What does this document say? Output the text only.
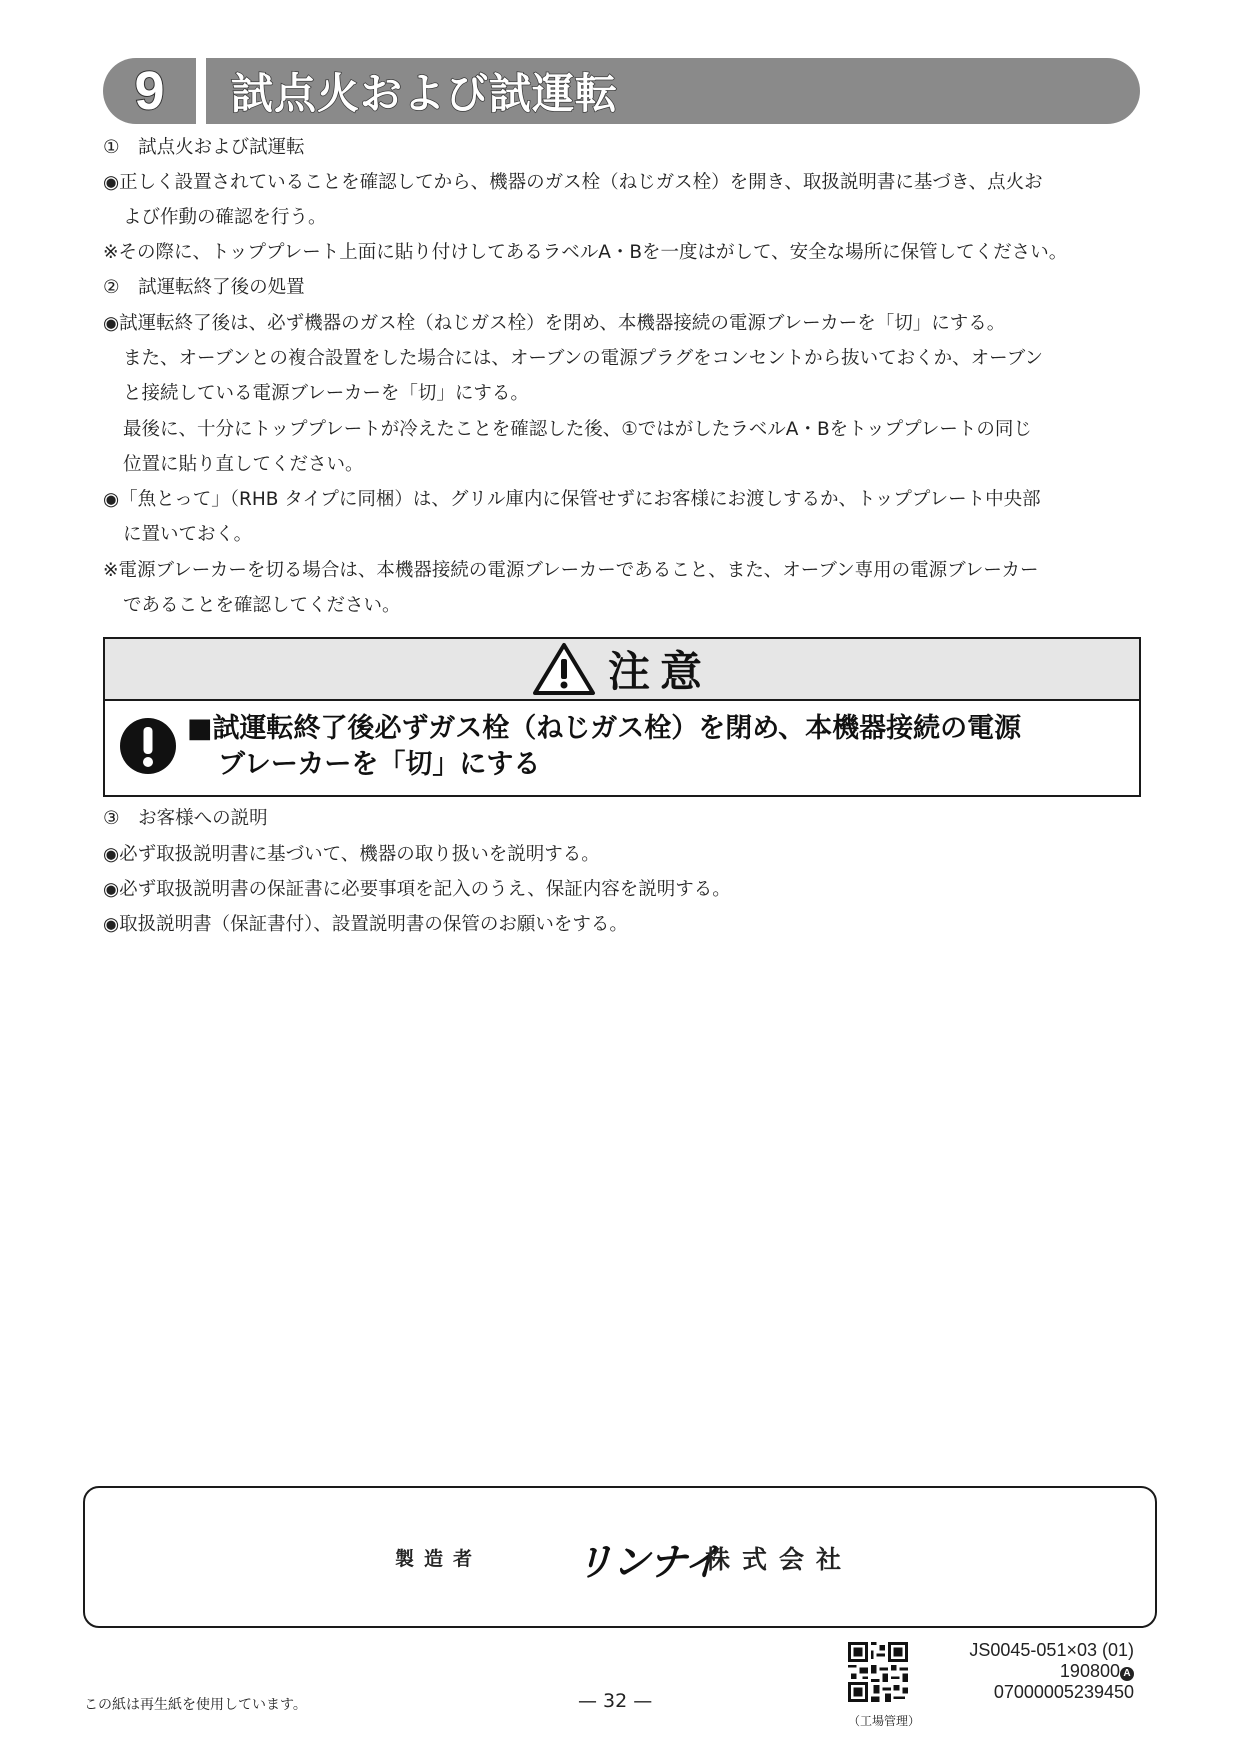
9	試点火および試運転
①　試点火および試運転
◉正しく設置されていることを確認してから、機器のガス栓（ねじガス栓）を開き、取扱説明書に基づき、点火お
よび作動の確認を行う。
※その際に、トッププレート上面に貼り付けしてあるラベルA・Bを一度はがして、安全な場所に保管してください。
②　試運転終了後の処置
◉試運転終了後は、必ず機器のガス栓（ねじガス栓）を閉め、本機器接続の電源ブレーカーを「切」にする。
また、オーブンとの複合設置をした場合には、オーブンの電源プラグをコンセントから抜いておくか、オーブン
と接続している電源ブレーカーを「切」にする。
最後に、十分にトッププレートが冷えたことを確認した後、①ではがしたラベルA・Bをトッププレートの同じ
位置に貼り直してください。
◉「魚とって」（RHB タイプに同梱）は、グリル庫内に保管せずにお客様にお渡しするか、トッププレート中央部
に置いておく。
※電源ブレーカーを切る場合は、本機器接続の電源ブレーカーであること、また、オーブン専用の電源ブレーカー
であることを確認してください。
注意
■試運転終了後必ずガス栓（ねじガス栓）を閉め、本機器接続の電源
ブレーカーを「切」にする
③　お客様への説明
◉必ず取扱説明書に基づいて、機器の取り扱いを説明する。
◉必ず取扱説明書の保証書に必要事項を記入のうえ、保証内容を説明する。
◉取扱説明書（保証書付）、設置説明書の保管のお願いをする。
製造者 リンナイ
株式会社
この紙は再生紙を使用しています。	— 32 —
（工場管理）
JS0045-051×03 (01)
190800 A
07000005239450
